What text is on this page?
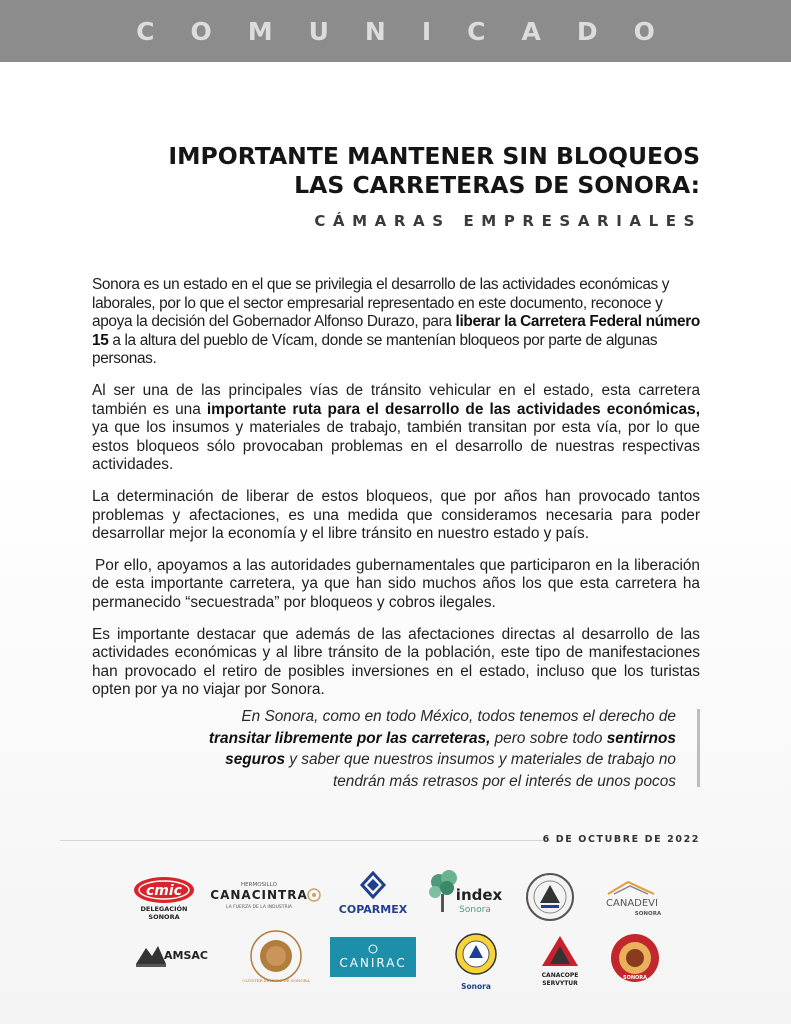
COMUNICADO
IMPORTANTE MANTENER SIN BLOQUEOS
LAS CARRETERAS DE SONORA:
CÁMARAS EMPRESARIALES

Sonora es un estado en el que se privilegia el desarrollo de las actividades económicas y laborales, por lo que el sector empresarial representado en este documento, reconoce y apoya la decisión del Gobernador Alfonso Durazo, para liberar la Carretera Federal número 15 a la altura del pueblo de Vícam, donde se mantenían bloqueos por parte de algunas personas.

Al ser una de las principales vías de tránsito vehicular en el estado, esta carretera también es una importante ruta para el desarrollo de las actividades económicas, ya que los insumos y materiales de trabajo, también transitan por esta vía, por lo que estos bloqueos sólo provocaban problemas en el desarrollo de nuestras respectivas actividades.

La determinación de liberar de estos bloqueos, que por años han provocado tantos problemas y afectaciones, es una medida que consideramos necesaria para poder desarrollar mejor la economía y el libre tránsito en nuestro estado y país.

Por ello, apoyamos a las autoridades gubernamentales que participaron en la liberación de esta importante carretera, ya que han sido muchos años los que esta carretera ha permanecido “secuestrada” por bloqueos y cobros ilegales.

Es importante destacar que además de las afectaciones directas al desarrollo de las actividades económicas y al libre tránsito de la población, este tipo de manifestaciones han provocado el retiro de posibles inversiones en el estado, incluso que los turistas opten por ya no viajar por Sonora.

En Sonora, como en todo México, todos tenemos el derecho de transitar libremente por las carreteras, pero sobre todo sentirnos seguros y saber que nuestros insumos y materiales de trabajo no tendrán más retrasos por el interés de unos pocos
6 DE OCTUBRE DE 2022
cmic
DELEGACIÓN
SONORA
HERMOSILLO
CANACINTRA
LA FUERZA DE LA INDUSTRIA	COPARMEX
index
Sonora
CANADEVI
SONORA
AMSAC
CLÚSTER MINERO DE SONORA
CANIRAC
Sonora
CANACOPE
SERVYTUR
SONORA
